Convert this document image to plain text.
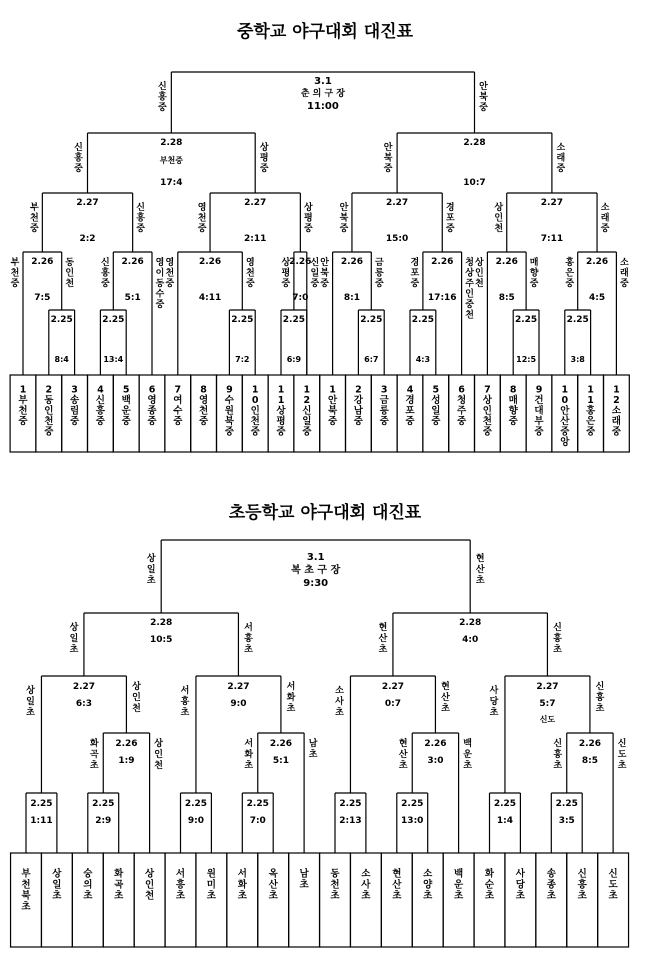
중학교 야구대회 대진표
1 부 천 중
2 동 인 천 중
3 송 림 중
4 신 흥 중
5 백 운 중
6 영 종 중
7 여 수 중
8 영 천 중
9 수 원 북 중
1 0 인 천 중
1 1 상 평 중
1 2 신 일 중
1 안 북 중
2 강 남 중
3 금 릉 중
4 경 포 중
5 성 일 중
6 청 주 중
7 상 인 천 중
8 매 향 중
9 건 대 부 중
1 0 안 산 중 앙
1 1 홍 은 중
1 2 소 래 중
2.25
8:4
2.25
13:4
2.25
7:2
2.25
6:9
2.25
6:7
2.25
4:3
2.25
12:5
2.25
3:8
2.26
7:5
부 천 중
동 인 천
2.26
5:1
신 흥 중
영 이 동 수 중
2.26
4:11
영 천 중
영 천 중
2.26
7:0
상 평 중
신 일 중
2.26
8:1
안 북 중
금 릉 중
2.26
17:16
경 포 중
청 상 주 인 중 천
2.26
8:5
상 인 천
매 향 중
2.26
4:5
홍 은 중
소 래 중
2.27
2:2
부 천 중
신 흥 중
2.27
2:11
영 천 중
상 평 중
2.27
15:0
안 북 중
경 포 중
2.27
7:11
상 인 천
소 래 중
2.28
부천중
17:4
신 흥 중
상 평 중
2.28
10:7
안 북 중
소 래 중
3.1
춘 의 구 장
11:00
신 흥 중
안 북 중
초등학교 야구대회 대진표
부 천 북 초
상 일 초
숭 의 초
화 곡 초
상 인 천
서 흥 초
원 미 초
서 화 초
옥 산 초
남 초
동 천 초
소 사 초
현 산 초
소 양 초
백 운 초
화 순 초
사 당 초
송 종 초
신 흥 초
신 도 초
2.25
1:11
2.25
2:9
2.25
9:0
2.25
7:0
2.25
2:13
2.25
13:0
2.25
1:4
2.25
3:5
2.26
1:9
화 곡 초
상 인 천
2.26
5:1
서 화 초
남 초
2.26
3:0
현 산 초
백 운 초
2.26
8:5
신 흥 초
신 도 초
2.27
6:3
상 일 초
상 인 천
2.27
9:0
서 흥 초
서 화 초
2.27
0:7
소 사 초
현 산 초
2.27
5:7
신도
사 당 초
신 흥 초
2.28
10:5
상 일 초
서 흥 초
2.28
4:0
현 산 초
신 흥 초
3.1
복 초 구 장
9:30
상 일 초
현 산 초
